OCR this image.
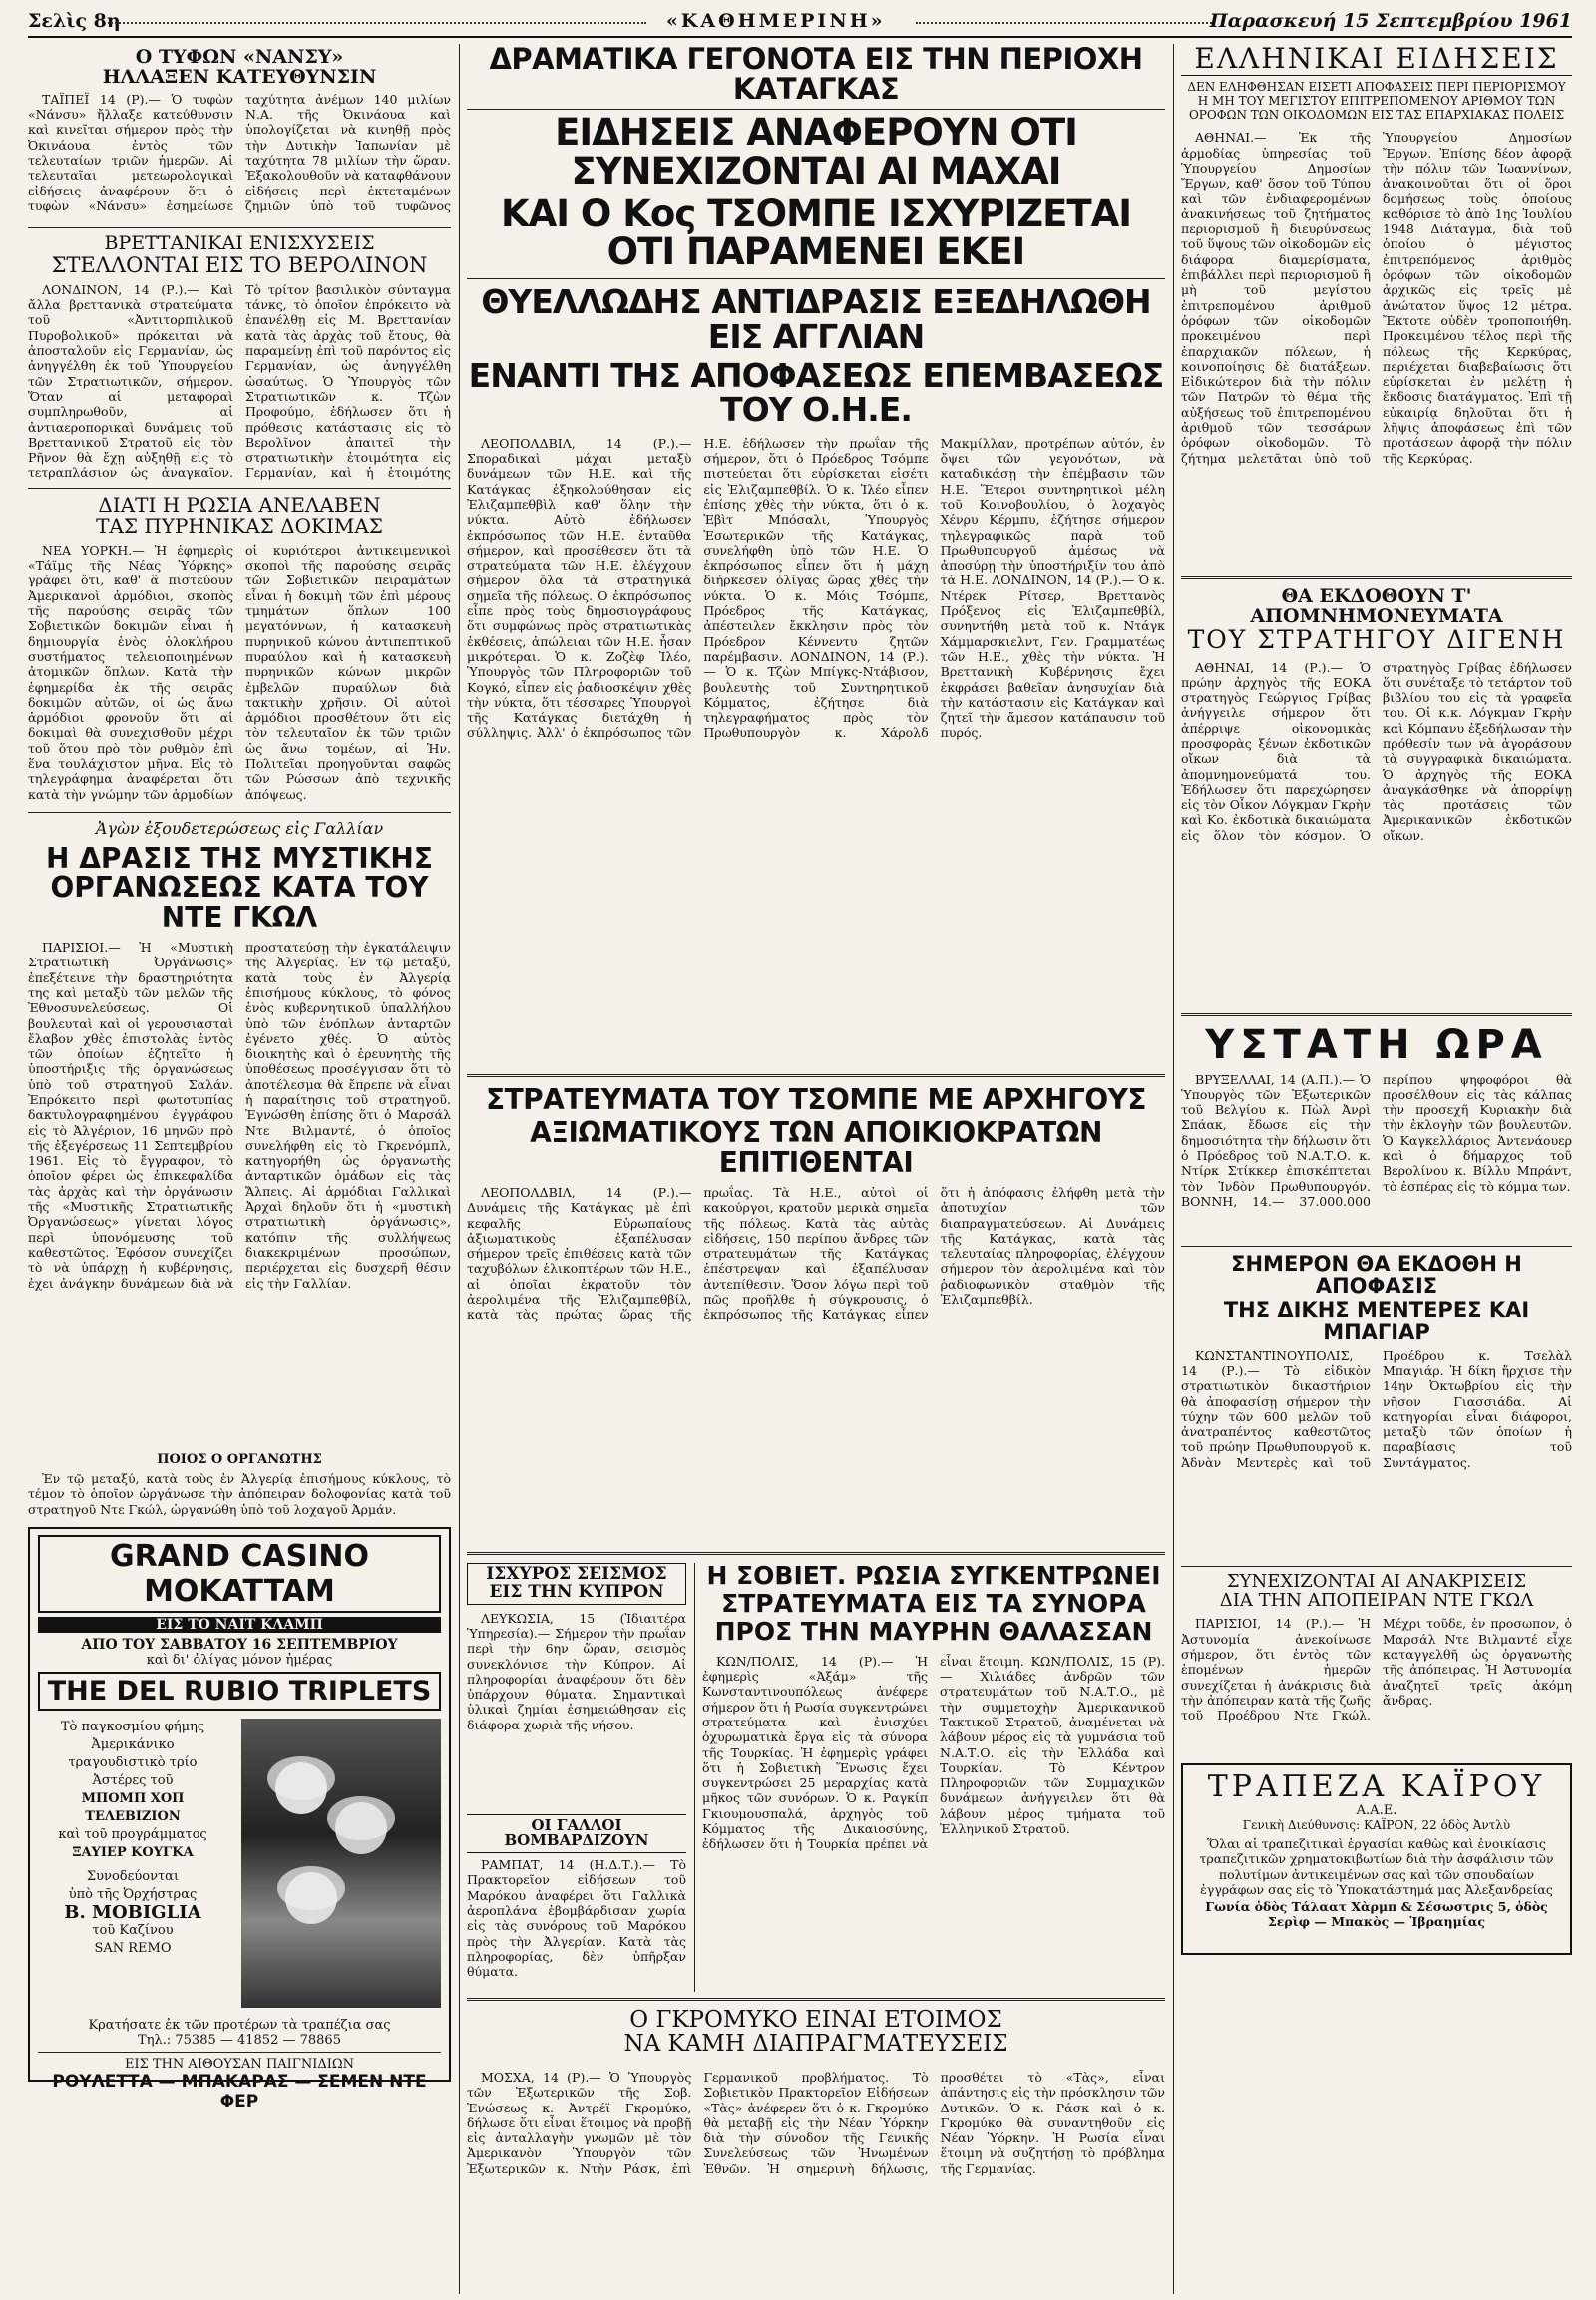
Σελὶς 8η	«ΚΑΘΗΜΕΡΙΝΗ»	Παρασκευή 15 Σεπτεμβρίου 1961
Ο ΤΥΦΩΝ «ΝΑΝΣΥ»
ΗΛΛΑΞΕΝ ΚΑΤΕΥΘΥΝΣΙΝ

ΤΑΪΠΕΪ 14 (Ρ).— Ὁ τυφὼν «Νάνσυ» ἤλλαξε κατεύθυνσιν καὶ κινεῖται σήμερον πρὸς τὴν Ὀκινάουα ἐντὸς τῶν τελευταίων τριῶν ἡμερῶν. Αἱ τελευταῖαι μετεωρολογικαὶ εἰδήσεις ἀναφέρουν ὅτι ὁ τυφὼν «Νάνσυ» ἐσημείωσε ταχύτητα ἀνέμων 140 μιλίων Ν.Α. τῆς Ὀκινάουα καὶ ὑπολογίζεται νὰ κινηθῇ πρὸς τὴν Δυτικὴν Ἰαπωνίαν μὲ ταχύτητα 78 μιλίων τὴν ὥραν. Ἐξακολουθοῦν νὰ καταφθάνουν εἰδήσεις περὶ ἐκτεταμένων ζημιῶν ὑπὸ τοῦ τυφῶνος

ΒΡΕΤΤΑΝΙΚΑΙ ΕΝΙΣΧΥΣΕΙΣ
ΣΤΕΛΛΟΝΤΑΙ ΕΙΣ ΤΟ ΒΕΡΟΛΙΝΟΝ

ΛΟΝΔΙΝΟΝ, 14 (Ρ.).— Καὶ ἄλλα βρεττανικὰ στρατεύματα τοῦ «Ἀντιτορπιλικοῦ Πυροβολικοῦ» πρόκειται νὰ ἀποσταλοῦν εἰς Γερμανίαν, ὡς ἀνηγγέλθη ἐκ τοῦ Ὑπουργείου τῶν Στρατιωτικῶν, σήμερον. Ὅταν αἱ μεταφοραὶ συμπληρωθοῦν, αἱ ἀντιαεροπορικαὶ δυνάμεις τοῦ Βρεττανικοῦ Στρατοῦ εἰς τὸν Ρῆνον θὰ ἔχῃ αὐξηθῇ εἰς τὸ τετραπλάσιον ὡς ἀναγκαῖον. Τὸ τρίτον βασιλικὸν σύνταγμα τάνκς, τὸ ὁποῖον ἐπρόκειτο νὰ ἐπανέλθῃ εἰς Μ. Βρεττανίαν κατὰ τὰς ἀρχὰς τοῦ ἔτους, θὰ παραμείνῃ ἐπὶ τοῦ παρόντος εἰς Γερμανίαν, ὡς ἀνηγγέλθη ὡσαύτως. Ὁ Ὑπουργὸς τῶν Στρατιωτικῶν κ. Τζὼν Προφούμο, ἐδήλωσεν ὅτι ἡ πρόθεσις κατάστασις εἰς τὸ Βερολῖνον ἀπαιτεῖ τὴν στρατιωτικὴν ἑτοιμότητα εἰς Γερμανίαν, καὶ ἡ ἑτοιμότης

ΔΙΑΤΙ Η ΡΩΣΙΑ ΑΝΕΛΑΒΕΝ
ΤΑΣ ΠΥΡΗΝΙΚΑΣ ΔΟΚΙΜΑΣ

ΝΕΑ ΥΟΡΚΗ.— Ἡ ἐφημερὶς «Τάϊμς τῆς Νέας Ὑόρκης» γράφει ὅτι, καθ' ἃ πιστεύουν Ἀμερικανοὶ ἀρμόδιοι, σκοπὸς τῆς παρούσης σειρᾶς τῶν Σοβιετικῶν δοκιμῶν εἶναι ἡ δημιουργία ἑνὸς ὁλοκλήρου συστήματος τελειοποιημένων ἀτομικῶν ὅπλων. Κατὰ τὴν ἐφημερίδα ἐκ τῆς σειρᾶς δοκιμῶν αὐτῶν, οἱ ὡς ἄνω ἁρμόδιοι φρονοῦν ὅτι αἱ δοκιμαὶ θὰ συνεχισθοῦν μέχρι τοῦ ὅτου πρὸ τὸν ρυθμὸν ἐπὶ ἕνα τουλάχιστον μῆνα. Εἰς τὸ τηλεγράφημα ἀναφέρεται ὅτι κατὰ τὴν γνώμην τῶν ἁρμοδίων οἱ κυριότεροι ἀντικειμενικοὶ σκοποὶ τῆς παρούσης σειρᾶς τῶν Σοβιετικῶν πειραμάτων εἶναι ἡ δοκιμὴ τῶν ἐπὶ μέρους τμημάτων ὅπλων 100 μεγατόννων, ἡ κατασκευὴ πυρηνικοῦ κώνου ἀντιπεπτικοῦ πυραύλου καὶ ἡ κατασκευὴ πυρηνικῶν κώνων μικρῶν ἐμβελῶν πυραύλων διὰ τακτικὴν χρῆσιν. Οἱ αὐτοὶ ἁρμόδιοι προσθέτουν ὅτι εἰς τὸν τελευταῖον ἐκ τῶν τριῶν ὡς ἄνω τομέων, αἱ Ἡν. Πολιτεῖαι προηγοῦνται σαφῶς τῶν Ρώσσων ἀπὸ τεχνικῆς ἀπόψεως.

Ἀγὼν ἐξουδετερώσεως εἰς Γαλλίαν
Η ΔΡΑΣΙΣ ΤΗΣ ΜΥΣΤΙΚΗΣ
ΟΡΓΑΝΩΣΕΩΣ ΚΑΤΑ ΤΟΥ ΝΤΕ ΓΚΩΛ

ΠΑΡΙΣΙΟΙ.— Ἡ «Μυστικὴ Στρατιωτικὴ Ὀργάνωσις» ἐπεξέτεινε τὴν δραστηριότητα της καὶ μεταξὺ τῶν μελῶν τῆς Ἐθνοσυνελεύσεως. Οἱ βουλευταὶ καὶ οἱ γερουσιασταὶ ἔλαβον χθὲς ἐπιστολὰς ἐντὸς τῶν ὁποίων ἐζητεῖτο ἡ ὑποστήριξις τῆς ὀργανώσεως ὑπὸ τοῦ στρατηγοῦ Σαλάν. Ἐπρόκειτο περὶ φωτοτυπίας δακτυλογραφημένου ἐγγράφου εἰς τὸ Ἀλγέριον, 16 μηνῶν πρὸ τῆς ἐξεγέρσεως 11 Σεπτεμβρίου 1961. Εἰς τὸ ἔγγραφον, τὸ ὁποῖον φέρει ὡς ἐπικεφαλίδα τὰς ἀρχὰς καὶ τὴν ὀργάνωσιν τῆς «Μυστικῆς Στρατιωτικῆς Ὀργανώσεως» γίνεται λόγος περὶ ὑπονόμευσης τοῦ καθεστῶτος. Ἐφόσον συνεχίζει τὸ νὰ ὑπάρχῃ ἡ κυβέρνησις, ἐχει ἀνάγκην δυνάμεων διὰ νὰ προστατεύσῃ τὴν ἐγκατάλειψιν τῆς Ἀλγερίας. Ἐν τῷ μεταξύ, κατὰ τοὺς ἐν Ἀλγερίᾳ ἐπισήμους κύκλους, τὸ φόνος ἑνὸς κυβερνητικοῦ ὑπαλλήλου ὑπὸ τῶν ἐνόπλων ἀνταρτῶν ἐγένετο χθές. Ὁ αὐτὸς διοικητὴς καὶ ὁ ἐρευνητὴς τῆς ὑποθέσεως προσέγγισαν ὅτι τὸ ἀποτέλεσμα θὰ ἔπρεπε νὰ εἶναι ἡ παραίτησις τοῦ στρατηγοῦ. Ἐγνώσθη ἐπίσης ὅτι ὁ Μαρσάλ Ντε Βιλμαντέ, ὁ ὁποῖος συνελήφθη εἰς τὸ Γκρενόμπλ, κατηγορήθη ὡς ὀργανωτὴς ἀνταρτικῶν ὁμάδων εἰς τὰς Ἄλπεις. Αἱ ἁρμόδιαι Γαλλικαὶ Ἀρχαὶ δηλοῦν ὅτι ἡ «μυστικὴ στρατιωτικὴ ὀργάνωσις», κατόπιν τῆς συλλήψεως διακεκριμένων προσώπων, περιέρχεται εἰς δυσχερῆ θέσιν εἰς τὴν Γαλλίαν.

ΠΟΙΟΣ Ο ΟΡΓΑΝΩΤΗΣ

Ἐν τῷ μεταξύ, κατὰ τοὺς ἐν Ἀλγερίᾳ ἐπισήμους κύκλους, τὸ τέμον τὸ ὁποῖον ὠργάνωσε τὴν ἀπόπειραν δολοφονίας κατὰ τοῦ στρατηγοῦ Ντε Γκώλ, ὠργανώθη ὑπὸ τοῦ λοχαγοῦ Ἀρμάν.

GRAND CASINO MOKATTAM
ΕΙΣ ΤΟ ΝΑΙΤ ΚΛΑΜΠ
ΑΠΟ ΤΟΥ ΣΑΒΒΑΤΟΥ 16 ΣΕΠΤΕΜΒΡΙΟΥ
καὶ δι' ὀλίγας μόνον ἡμέρας
THE DEL RUBIO TRIPLETS
Τὸ παγκοσμίου φήμης
Ἀμερικάνικο
τραγουδιστικὸ τρίο
Ἀστέρες τοῦ
ΜΠΟΜΠ ΧΟΠ ΤΕΛΕΒΙΖΙΟΝ
καὶ τοῦ προγράμματος
ΞΑΥΙΕΡ ΚΟΥΓΚΑ
Συνοδεύονται
ὑπὸ τῆς Ὀρχήστρας
B. MOBIGLIA
τοῦ Καζίνου
SAN REMO
Κρατήσατε ἐκ τῶν προτέρων τὰ τραπέζια σας
Τηλ.: 75385 — 41852 — 78865
ΕΙΣ ΤΗΝ ΑΙΘΟΥΣΑΝ ΠΑΙΓΝΙΔΙΩΝ
ΡΟΥΛΕΤΤΑ — ΜΠΑΚΑΡΑΣ — ΣΕΜΕΝ ΝΤΕ ΦΕΡ
ΔΡΑΜΑΤΙΚΑ ΓΕΓΟΝΟΤΑ ΕΙΣ ΤΗΝ ΠΕΡΙΟΧΗ ΚΑΤΑΓΚΑΣ
ΕΙΔΗΣΕΙΣ ΑΝΑΦΕΡΟΥΝ ΟΤΙ ΣΥΝΕΧΙΖΟΝΤΑΙ ΑΙ ΜΑΧΑΙ
ΚΑΙ Ο Κος ΤΣΟΜΠΕ ΙΣΧΥΡΙΖΕΤΑΙ ΟΤΙ ΠΑΡΑΜΕΝΕΙ ΕΚΕΙ
ΘΥΕΛΛΩΔΗΣ ΑΝΤΙΔΡΑΣΙΣ ΕΞΕΔΗΛΩΘΗ ΕΙΣ ΑΓΓΛΙΑΝ
ΕΝΑΝΤΙ ΤΗΣ ΑΠΟΦΑΣΕΩΣ ΕΠΕΜΒΑΣΕΩΣ ΤΟΥ Ο.Η.Ε.

ΛΕΟΠΟΛΔΒΙΛ, 14 (Ρ.).— Σποραδικαὶ μάχαι μεταξὺ δυνάμεων τῶν Η.Ε. καὶ τῆς Κατάγκας ἐξηκολούθησαν εἰς Ἐλιζαμπεθβὶλ καθ' ὅλην τὴν νύκτα. Αὐτὸ ἐδήλωσεν ἐκπρόσωπος τῶν Η.Ε. ἐνταῦθα σήμερον, καὶ προσέθεσεν ὅτι τὰ στρατεύματα τῶν Η.Ε. ἐλέγχουν σήμερον ὅλα τὰ στρατηγικὰ σημεῖα τῆς πόλεως. Ὁ ἐκπρόσωπος εἶπε πρὸς τοὺς δημοσιογράφους ὅτι συμφώνως πρὸς στρατιωτικὰς ἐκθέσεις, ἀπώλειαι τῶν Η.Ε. ἦσαν μικρότεραι. Ὁ κ. Ζοζὲφ Ἰλέο, Ὑπουργὸς τῶν Πληροφοριῶν τοῦ Κογκό, εἶπεν εἰς ῥαδιοσκέψιν χθὲς τὴν νύκτα, ὅτι τέσσαρες Ὑπουργοὶ τῆς Κατάγκας διετάχθη ἡ σύλληψις. Ἀλλ' ὁ ἐκπρόσωπος τῶν Η.Ε. ἐδήλωσεν τὴν πρωΐαν τῆς σήμερον, ὅτι ὁ Πρόεδρος Τσόμπε πιστεύεται ὅτι εὑρίσκεται εἰσέτι εἰς Ἐλιζαμπεθβίλ. Ὁ κ. Ἰλέο εἶπεν ἐπίσης χθὲς τὴν νύκτα, ὅτι ὁ κ. Ἐβὶτ Μπόσαλι, Ὑπουργὸς Ἐσωτερικῶν τῆς Κατάγκας, συνελήφθη ὑπὸ τῶν Η.Ε. Ὁ ἐκπρόσωπος εἶπεν ὅτι ἡ μάχη διήρκεσεν ὀλίγας ὥρας χθὲς τὴν νύκτα. Ὁ κ. Μόις Τσόμπε, Πρόεδρος τῆς Κατάγκας, ἀπέστειλεν ἔκκλησιν πρὸς τὸν Πρόεδρον Κέννεντυ ζητῶν παρέμβασιν. ΛΟΝΔΙΝΟΝ, 14 (Ρ.).— Ὁ κ. Τζὼν Μπίγκς-Ντάβισον, βουλευτὴς τοῦ Συντηρητικοῦ Κόμματος, ἐζήτησε διὰ τηλεγραφήματος πρὸς τὸν Πρωθυπουργὸν κ. Χάρολδ Μακμίλλαν, προτρέπων αὐτόν, ἐν ὄψει τῶν γεγονότων, νὰ καταδικάσῃ τὴν ἐπέμβασιν τῶν Η.Ε. Ἕτεροι συντηρητικοὶ μέλη τοῦ Κοινοβουλίου, ὁ λοχαγὸς Χένρυ Κέρμπυ, ἐζήτησε σήμερον τηλεγραφικῶς παρὰ τοῦ Πρωθυπουργοῦ ἀμέσως νὰ ἀποσύρῃ τὴν ὑποστήριξίν του ἀπὸ τὰ Η.Ε. ΛΟΝΔΙΝΟΝ, 14 (Ρ.).— Ὁ κ. Ντέρεκ Ρίτσερ, Βρεττανὸς Πρόξενος εἰς Ἐλιζαμπεθβίλ, συνηντήθη μετὰ τοῦ κ. Ντάγκ Χάμμαρσκιελντ, Γεν. Γραμματέως τῶν Η.Ε., χθὲς τὴν νύκτα. Ἡ Βρεττανικὴ Κυβέρνησις ἔχει ἐκφράσει βαθεῖαν ἀνησυχίαν διὰ τὴν κατάστασιν εἰς Κατάγκαν καὶ ζητεῖ τὴν ἄμεσον κατάπαυσιν τοῦ πυρός.

ΣΤΡΑΤΕΥΜΑΤΑ ΤΟΥ ΤΣΟΜΠΕ ΜΕ ΑΡΧΗΓΟΥΣ
ΑΞΙΩΜΑΤΙΚΟΥΣ ΤΩΝ ΑΠΟΙΚΙΟΚΡΑΤΩΝ ΕΠΙΤΙΘΕΝΤΑΙ

ΛΕΟΠΟΛΔΒΙΛ, 14 (Ρ.).— Δυνάμεις τῆς Κατάγκας μὲ ἐπὶ κεφαλῆς Εὐρωπαίους ἀξιωματικοὺς ἐξαπέλυσαν σήμερον τρεῖς ἐπιθέσεις κατὰ τῶν ταχυβόλων ἑλικοπτέρων τῶν Η.Ε., αἱ ὁποῖαι ἐκρατοῦν τὸν ἀερολιμένα τῆς Ἐλιζαμπεθβίλ, κατὰ τὰς πρώτας ὥρας τῆς πρωΐας. Τὰ Η.Ε., αὐτοὶ οἱ κακούργοι, κρατοῦν μερικὰ σημεῖα τῆς πόλεως. Κατὰ τὰς αὐτὰς εἰδήσεις, 150 περίπου ἄνδρες τῶν στρατευμάτων τῆς Κατάγκας ἐπέστρεψαν καὶ ἐξαπέλυσαν ἀντεπίθεσιν. Ὅσον λόγω περὶ τοῦ πῶς προῆλθε ἡ σύγκρουσις, ὁ ἐκπρόσωπος τῆς Κατάγκας εἶπεν ὅτι ἡ ἀπόφασις ἐλήφθη μετὰ τὴν ἀποτυχίαν τῶν διαπραγματεύσεων. Αἱ Δυνάμεις τῆς Κατάγκας, κατὰ τὰς τελευταίας πληροφορίας, ἐλέγχουν σήμερον τὸν ἀερολιμένα καὶ τὸν ῥαδιοφωνικὸν σταθμὸν τῆς Ἐλιζαμπεθβίλ.

ΙΣΧΥΡΟΣ ΣΕΙΣΜΟΣ
ΕΙΣ ΤΗΝ ΚΥΠΡΟΝ

ΛΕΥΚΩΣΙΑ, 15 (Ἰδιαιτέρα Ὑπηρεσία).— Σήμερον τὴν πρωΐαν περὶ τὴν 6ην ὥραν, σεισμὸς συνεκλόνισε τὴν Κύπρον. Αἱ πληροφορίαι ἀναφέρουν ὅτι δὲν ὑπάρχουν θύματα. Σημαντικαὶ ὑλικαὶ ζημίαι ἐσημειώθησαν εἰς διάφορα χωριὰ τῆς νήσου.

ΟΙ ΓΑΛΛΟΙ ΒΟΜΒΑΡΔΙΖΟΥΝ

ΡΑΜΠΑΤ, 14 (Η.Δ.Τ.).— Τὸ Πρακτορεῖον εἰδήσεων τοῦ Μαρόκου ἀναφέρει ὅτι Γαλλικὰ ἀεροπλάνα ἐβομβάρδισαν χωρία εἰς τὰς συνόρους τοῦ Μαρόκου πρὸς τὴν Ἀλγερίαν. Κατὰ τὰς πληροφορίας, δὲν ὑπῆρξαν θύματα.

Η ΣΟΒΙΕΤ. ΡΩΣΙΑ ΣΥΓΚΕΝΤΡΩΝΕΙ
ΣΤΡΑΤΕΥΜΑΤΑ ΕΙΣ ΤΑ ΣΥΝΟΡΑ
ΠΡΟΣ ΤΗΝ ΜΑΥΡΗΝ ΘΑΛΑΣΣΑΝ

ΚΩΝ/ΠΟΛΙΣ, 14 (Ρ).— Ἡ ἐφημερὶς «Ἀξάμ» τῆς Κωνσταντινουπόλεως ἀνέφερε σήμερον ὅτι ἡ Ρωσία συγκεντρώνει στρατεύματα καὶ ἐνισχύει ὀχυρωματικὰ ἔργα εἰς τὰ σύνορα τῆς Τουρκίας. Ἡ ἐφημερὶς γράφει ὅτι ἡ Σοβιετικὴ Ἕνωσις ἔχει συγκεντρώσει 25 μεραρχίας κατὰ μῆκος τῶν συνόρων. Ὁ κ. Ραγκίπ Γκιουμουσπαλά, ἀρχηγὸς τοῦ Κόμματος τῆς Δικαιοσύνης, ἐδήλωσεν ὅτι ἡ Τουρκία πρέπει νὰ εἶναι ἕτοιμη. ΚΩΝ/ΠΟΛΙΣ, 15 (Ρ).— Χιλιάδες ἀνδρῶν τῶν στρατευμάτων τοῦ Ν.Α.Τ.Ο., μὲ τὴν συμμετοχὴν Ἀμερικανικοῦ Τακτικοῦ Στρατοῦ, ἀναμένεται νὰ λάβουν μέρος εἰς τὰ γυμνάσια τοῦ Ν.Α.Τ.Ο. εἰς τὴν Ἑλλάδα καὶ Τουρκίαν. Τὸ Κέντρον Πληροφοριῶν τῶν Συμμαχικῶν δυνάμεων ἀνήγγειλεν ὅτι θὰ λάβουν μέρος τμήματα τοῦ Ἑλληνικοῦ Στρατοῦ.

Ο ΓΚΡΟΜΥΚΟ ΕΙΝΑΙ ΕΤΟΙΜΟΣ
ΝΑ ΚΑΜΗ ΔΙΑΠΡΑΓΜΑΤΕΥΣΕΙΣ

ΜΟΣΧΑ, 14 (Ρ).— Ὁ Ὑπουργὸς τῶν Ἐξωτερικῶν τῆς Σοβ. Ἑνώσεως κ. Ἀντρέϊ Γκρομύκο, δήλωσε ὅτι εἶναι ἕτοιμος νὰ προβῇ εἰς ἀνταλλαγὴν γνωμῶν μὲ τὸν Ἀμερικανὸν Ὑπουργὸν τῶν Ἐξωτερικῶν κ. Ντὴν Ράσκ, ἐπὶ Γερμανικοῦ προβλήματος. Τὸ Σοβιετικὸν Πρακτορεῖον Εἰδήσεων «Τὰς» ἀνέφερεν ὅτι ὁ κ. Γκρομύκο θὰ μεταβῇ εἰς τὴν Νέαν Ὑόρκην διὰ τὴν σύνοδον τῆς Γενικῆς Συνελεύσεως τῶν Ἡνωμένων Ἐθνῶν. Ἡ σημερινὴ δήλωσις, προσθέτει τὸ «Τὰς», εἶναι ἀπάντησις εἰς τὴν πρόσκλησιν τῶν Δυτικῶν. Ὁ κ. Ράσκ καὶ ὁ κ. Γκρομύκο θὰ συναντηθοῦν εἰς Νέαν Ὑόρκην. Ἡ Ρωσία εἶναι ἕτοιμη νὰ συζητήσῃ τὸ πρόβλημα τῆς Γερμανίας.

ΕΛΛΗΝΙΚΑΙ ΕΙΔΗΣΕΙΣ
ΔΕΝ ΕΛΗΦΘΗΣΑΝ ΕΙΣΕΤΙ ΑΠΟΦΑΣΕΙΣ ΠΕΡΙ ΠΕΡΙΟΡΙΣΜΟΥ Η ΜΗ ΤΟΥ ΜΕΓΙΣΤΟΥ ΕΠΙΤΡΕΠΟΜΕΝΟΥ ΑΡΙΘΜΟΥ ΤΩΝ ΟΡΟΦΩΝ ΤΩΝ ΟΙΚΟΔΟΜΩΝ ΕΙΣ ΤΑΣ ΕΠΑΡΧΙΑΚΑΣ ΠΟΛΕΙΣ

ΑΘΗΝΑΙ.— Ἐκ τῆς ἁρμοδίας ὑπηρεσίας τοῦ Ὑπουργείου Δημοσίων Ἔργων, καθ' ὅσον τοῦ Τύπου καὶ τῶν ἐνδιαφερομένων ἀνακινήσεως τοῦ ζητήματος περιορισμοῦ ἢ διευρύνσεως τοῦ ὕψους τῶν οἰκοδομῶν εἰς διάφορα διαμερίσματα, ἐπιβάλλει περὶ περιορισμοῦ ἢ μὴ τοῦ μεγίστου ἐπιτρεπομένου ἀριθμοῦ ὀρόφων τῶν οἰκοδομῶν προκειμένου περὶ ἐπαρχιακῶν πόλεων, ἡ κοινοποίησις δὲ διατάξεων. Εἰδικώτερον διὰ τὴν πόλιν τῶν Πατρῶν τὸ θέμα τῆς αὐξήσεως τοῦ ἐπιτρεπομένου ἀριθμοῦ τῶν τεσσάρων ὀρόφων οἰκοδομῶν. Τὸ ζήτημα μελετᾶται ὑπὸ τοῦ Ὑπουργείου Δημοσίων Ἔργων. Ἐπίσης δέον ἀφορᾷ τὴν πόλιν τῶν Ἰωαννίνων, ἀνακοινοῦται ὅτι οἱ ὅροι δομήσεως τοὺς ὁποίους καθόρισε τὸ ἀπὸ 1ης Ἰουλίου 1948 Διάταγμα, διὰ τοῦ ὁποίου ὁ μέγιστος ἐπιτρεπόμενος ἀριθμὸς ὀρόφων τῶν οἰκοδομῶν ἀρχικῶς εἰς τρεῖς μὲ ἀνώτατον ὕψος 12 μέτρα. Ἔκτοτε οὐδὲν τροποποιήθη. Προκειμένου τέλος περὶ τῆς πόλεως τῆς Κερκύρας, περιέχεται διαβεβαίωσις ὅτι εὑρίσκεται ἐν μελέτῃ ἡ ἔκδοσις διατάγματος. Ἐπὶ τῇ εὐκαιρίᾳ δηλοῦται ὅτι ἡ λῆψις ἀποφάσεως ἐπὶ τῶν προτάσεων ἀφορᾷ τὴν πόλιν τῆς Κερκύρας.

ΘΑ ΕΚΔΟΘΟΥΝ Τ' ΑΠΟΜΝΗΜΟΝΕΥΜΑΤΑ
ΤΟΥ ΣΤΡΑΤΗΓΟΥ ΔΙΓΕΝΗ

ΑΘΗΝΑΙ, 14 (Ρ.).— Ὁ πρώην ἀρχηγὸς τῆς ΕΟΚΑ στρατηγὸς Γεώργιος Γρίβας ἀνήγγειλε σήμερον ὅτι ἀπέρριψε οἰκονομικὰς προσφορὰς ξένων ἐκδοτικῶν οἴκων διὰ τὰ ἀπομνημονεύματά του. Ἐδήλωσεν ὅτι παρεχώρησεν εἰς τὸν Οἶκον Λόγκμαν Γκρὴν καὶ Κο. ἐκδοτικὰ δικαιώματα εἰς ὅλον τὸν κόσμον. Ὁ στρατηγὸς Γρίβας ἐδήλωσεν ὅτι συνέταξε τὸ τετάρτον τοῦ βιβλίου του εἰς τὰ γραφεῖα του. Οἱ κ.κ. Λόγκμαν Γκρὴν καὶ Κόμπανυ ἐξεδήλωσαν τὴν πρόθεσίν των νὰ ἀγοράσουν τὰ συγγραφικὰ δικαιώματα. Ὁ ἀρχηγὸς τῆς ΕΟΚΑ ἀναγκάσθηκε νὰ ἀπορρίψῃ τὰς προτάσεις τῶν Ἀμερικανικῶν ἐκδοτικῶν οἴκων.

ΥΣΤΑΤΗ ΩΡΑ

ΒΡΥΞΕΛΛΑΙ, 14 (Α.Π.).— Ὁ Ὑπουργὸς τῶν Ἐξωτερικῶν τοῦ Βελγίου κ. Πὼλ Ἀνρὶ Σπάακ, ἔδωσε εἰς τὴν δημοσιότητα τὴν δήλωσιν ὅτι ὁ Πρόεδρος τοῦ Ν.Α.Τ.Ο. κ. Ντίρκ Στίκκερ ἐπισκέπτεται τὸν Ἰνδὸν Πρωθυπουργόν. ΒΟΝΝΗ, 14.— 37.000.000 περίπου ψηφοφόροι θὰ προσέλθουν εἰς τὰς κάλπας τὴν προσεχῆ Κυριακὴν διὰ τὴν ἐκλογὴν τῶν βουλευτῶν. Ὁ Καγκελλάριος Ἀντενάουερ καὶ ὁ δήμαρχος τοῦ Βερολίνου κ. Βίλλυ Μπράντ, τὸ ἐσπέρας εἰς τὸ κόμμα των.

ΣΗΜΕΡΟΝ ΘΑ ΕΚΔΟΘΗ Η ΑΠΟΦΑΣΙΣ
ΤΗΣ ΔΙΚΗΣ ΜΕΝΤΕΡΕΣ ΚΑΙ ΜΠΑΓΙΑΡ

ΚΩΝΣΤΑΝΤΙΝΟΥΠΟΛΙΣ, 14 (Ρ.).— Τὸ εἰδικὸν στρατιωτικὸν δικαστήριον θὰ ἀποφασίσῃ σήμερον τὴν τύχην τῶν 600 μελῶν τοῦ ἀνατραπέντος καθεστῶτος τοῦ πρώην Πρωθυπουργοῦ κ. Ἀδνὰν Μεντερὲς καὶ τοῦ Προέδρου κ. Τσελὰλ Μπαγιάρ. Ἡ δίκη ἤρχισε τὴν 14ην Ὀκτωβρίου εἰς τὴν νῆσον Γιασσιάδα. Αἱ κατηγορίαι εἶναι διάφοροι, μεταξὺ τῶν ὁποίων ἡ παραβίασις τοῦ Συντάγματος.

ΣΥΝΕΧΙΖΟΝΤΑΙ ΑΙ ΑΝΑΚΡΙΣΕΙΣ
ΔΙΑ ΤΗΝ ΑΠΟΠΕΙΡΑΝ ΝΤΕ ΓΚΩΛ

ΠΑΡΙΣΙΟΙ, 14 (Ρ.).— Ἡ Ἀστυνομία ἀνεκοίνωσε σήμερον, ὅτι ἐντὸς τῶν ἑπομένων ἡμερῶν συνεχίζεται ἡ ἀνάκρισις διὰ τὴν ἀπόπειραν κατὰ τῆς ζωῆς τοῦ Προέδρου Ντε Γκώλ. Μέχρι τοῦδε, ἐν προσωπον, ὁ Μαρσάλ Ντε Βιλμαντέ εἶχε καταγγελθῆ ὡς ὀργανωτὴς τῆς ἀπόπειρας. Ἡ Ἀστυνομία ἀναζητεῖ τρεῖς ἀκόμη ἄνδρας.

ΤΡΑΠΕΖΑ ΚΑΪΡΟΥ
Α.Α.Ε.
Γενικὴ Διεύθυνσις: ΚΑΪΡΟΝ, 22 ὁδὸς Ἀντλὺ
Ὅλαι αἱ τραπεζιτικαὶ ἐργασίαι καθὼς καὶ ἐνοικίασις τραπεζιτικῶν χρηματοκιβωτίων διὰ τὴν ἀσφάλισιν τῶν πολυτίμων ἀντικειμένων σας καὶ τῶν σπουδαίων ἐγγράφων σας εἰς τὸ Ὑποκατάστημά μας Ἀλεξανδρείας
Γωνία ὁδὸς Τάλαατ Χὰρμπ & Σέσωστρις 5, ὁδὸς Σερὶφ — Μπακὸς — Ἰβραημίας
